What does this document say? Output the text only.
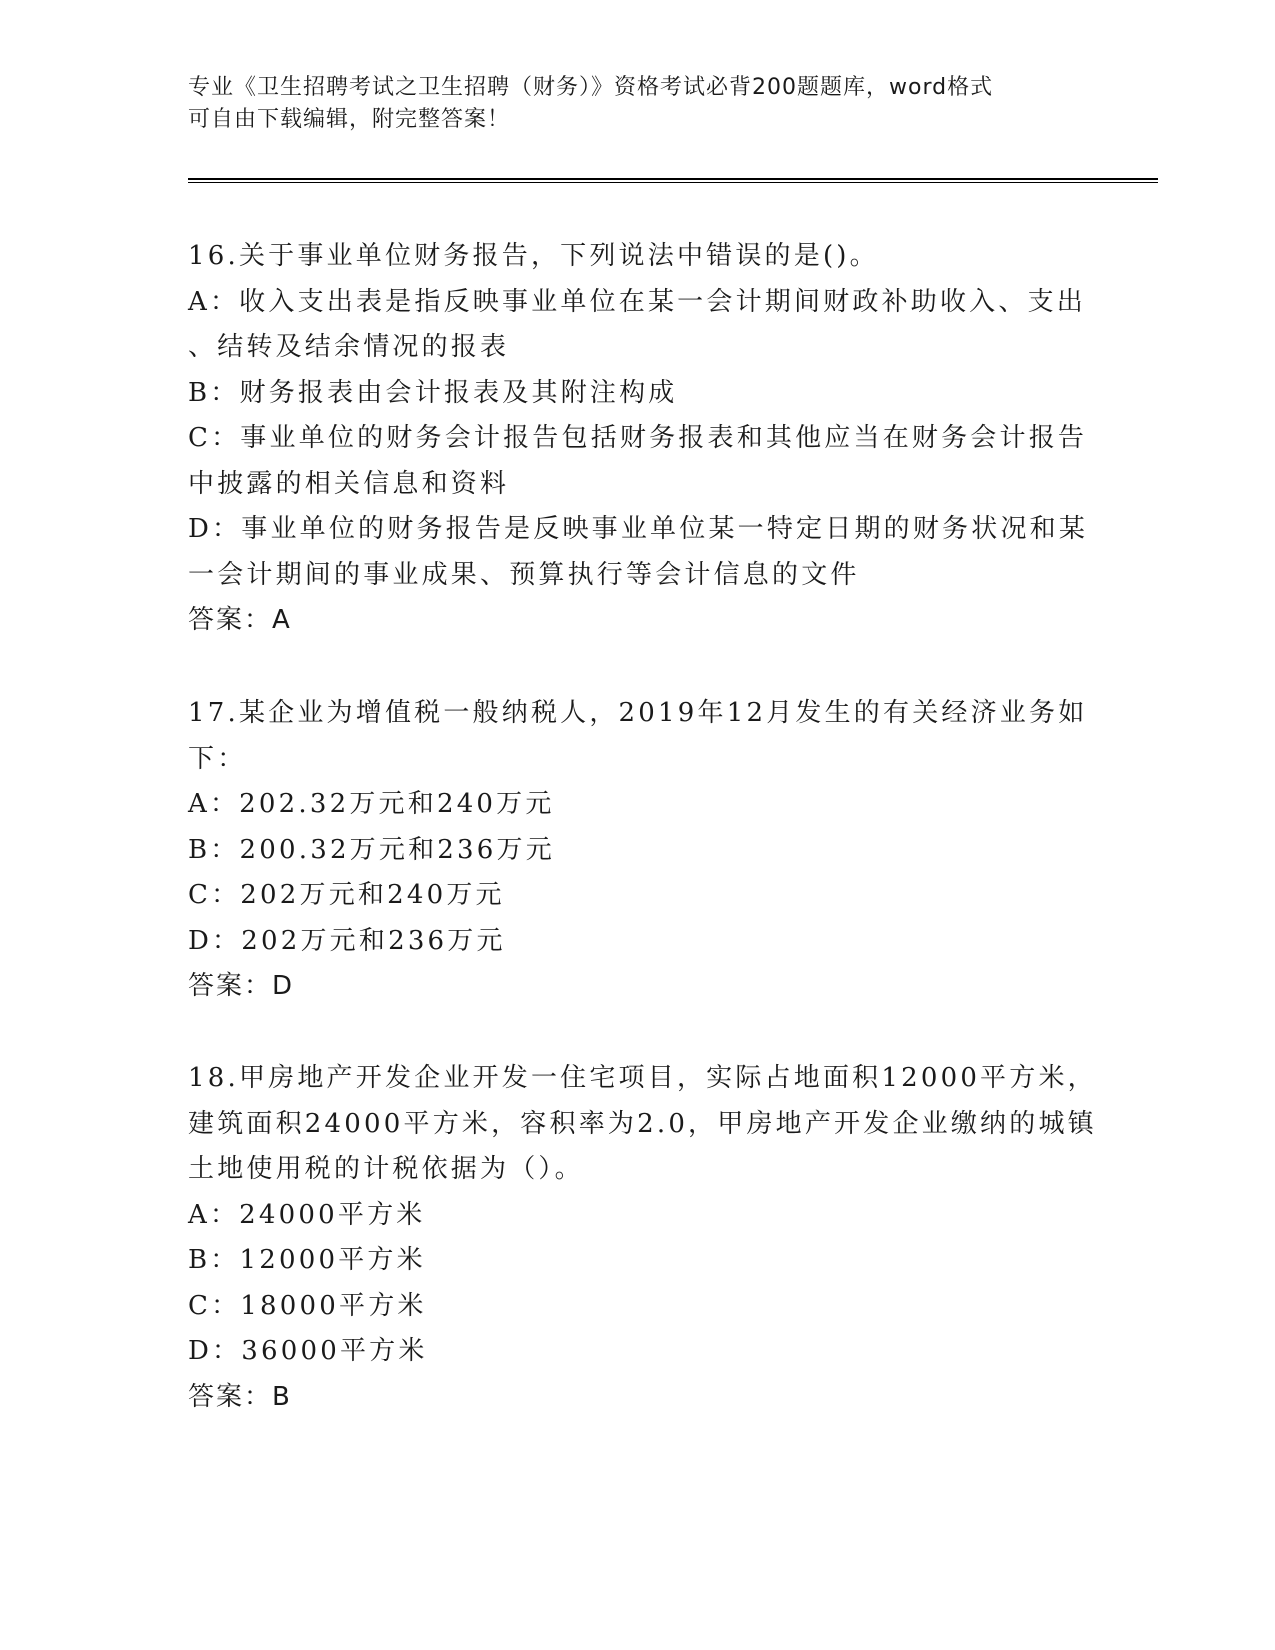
专业《卫生招聘考试之卫生招聘（财务）》资格考试必背200题题库，word格式

可自由下载编辑，附完整答案！

16.关于事业单位财务报告，下列说法中错误的是()。

A：收入支出表是指反映事业单位在某一会计期间财政补助收入、支出

、结转及结余情况的报表

B：财务报表由会计报表及其附注构成

C：事业单位的财务会计报告包括财务报表和其他应当在财务会计报告

中披露的相关信息和资料

D：事业单位的财务报告是反映事业单位某一特定日期的财务状况和某

一会计期间的事业成果、预算执行等会计信息的文件

答案：A

17.某企业为增值税一般纳税人，2019年12月发生的有关经济业务如

下：

A：202.32万元和240万元

B：200.32万元和236万元

C：202万元和240万元

D：202万元和236万元

答案：D

18.甲房地产开发企业开发一住宅项目，实际占地面积12000平方米，

建筑面积24000平方米，容积率为2.0，甲房地产开发企业缴纳的城镇

土地使用税的计税依据为（）。

A：24000平方米

B：12000平方米

C：18000平方米

D：36000平方米

答案：B
